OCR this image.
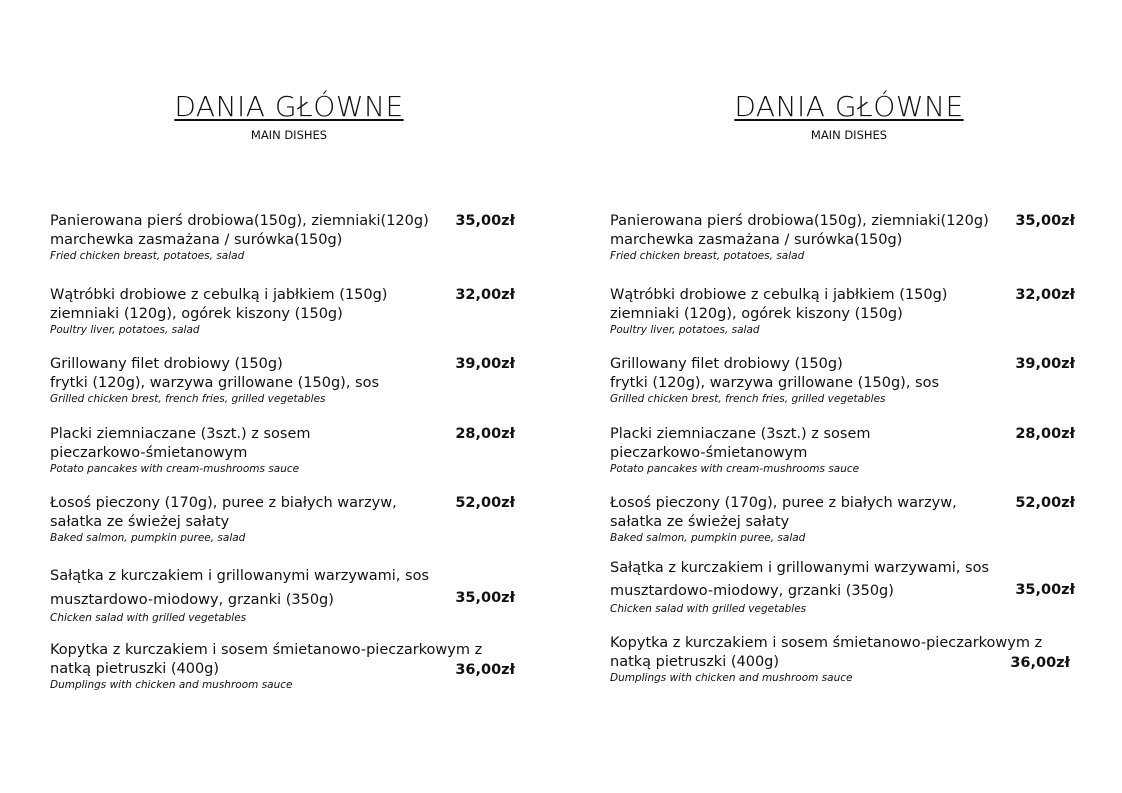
DANIA GŁÓWNE
MAIN DISHES
35,00zł
Panierowana pierś drobiowa(150g), ziemniaki(120g)
marchewka zasmażana / surówka(150g)
Fried chicken breast, potatoes, salad
32,00zł
Wątróbki drobiowe z cebulką i jabłkiem (150g)
ziemniaki (120g), ogórek kiszony (150g)
Poultry liver, potatoes, salad
39,00zł
Grillowany filet drobiowy (150g)
frytki (120g), warzywa grillowane (150g), sos
Grilled chicken brest, french fries, grilled vegetables
28,00zł
Placki ziemniaczane (3szt.) z sosem
pieczarkowo-śmietanowym
Potato pancakes with cream-mushrooms sauce
52,00zł
Łosoś pieczony (170g), puree z białych warzyw,
sałatka ze świeżej sałaty
Baked salmon, pumpkin puree, salad
35,00zł
Sałątka z kurczakiem i grillowanymi warzywami, sos
musztardowo-miodowy, grzanki (350g)
Chicken salad with grilled vegetables
36,00zł
Kopytka z kurczakiem i sosem śmietanowo-pieczarkowym z
natką pietruszki (400g)
Dumplings with chicken and mushroom sauce
DANIA GŁÓWNE
MAIN DISHES
35,00zł
Panierowana pierś drobiowa(150g), ziemniaki(120g)
marchewka zasmażana / surówka(150g)
Fried chicken breast, potatoes, salad
32,00zł
Wątróbki drobiowe z cebulką i jabłkiem (150g)
ziemniaki (120g), ogórek kiszony (150g)
Poultry liver, potatoes, salad
39,00zł
Grillowany filet drobiowy (150g)
frytki (120g), warzywa grillowane (150g), sos
Grilled chicken brest, french fries, grilled vegetables
28,00zł
Placki ziemniaczane (3szt.) z sosem
pieczarkowo-śmietanowym
Potato pancakes with cream-mushrooms sauce
52,00zł
Łosoś pieczony (170g), puree z białych warzyw,
sałatka ze świeżej sałaty
Baked salmon, pumpkin puree, salad
35,00zł
Sałątka z kurczakiem i grillowanymi warzywami, sos
musztardowo-miodowy, grzanki (350g)
Chicken salad with grilled vegetables
36,00zł
Kopytka z kurczakiem i sosem śmietanowo-pieczarkowym z
natką pietruszki (400g)
Dumplings with chicken and mushroom sauce
